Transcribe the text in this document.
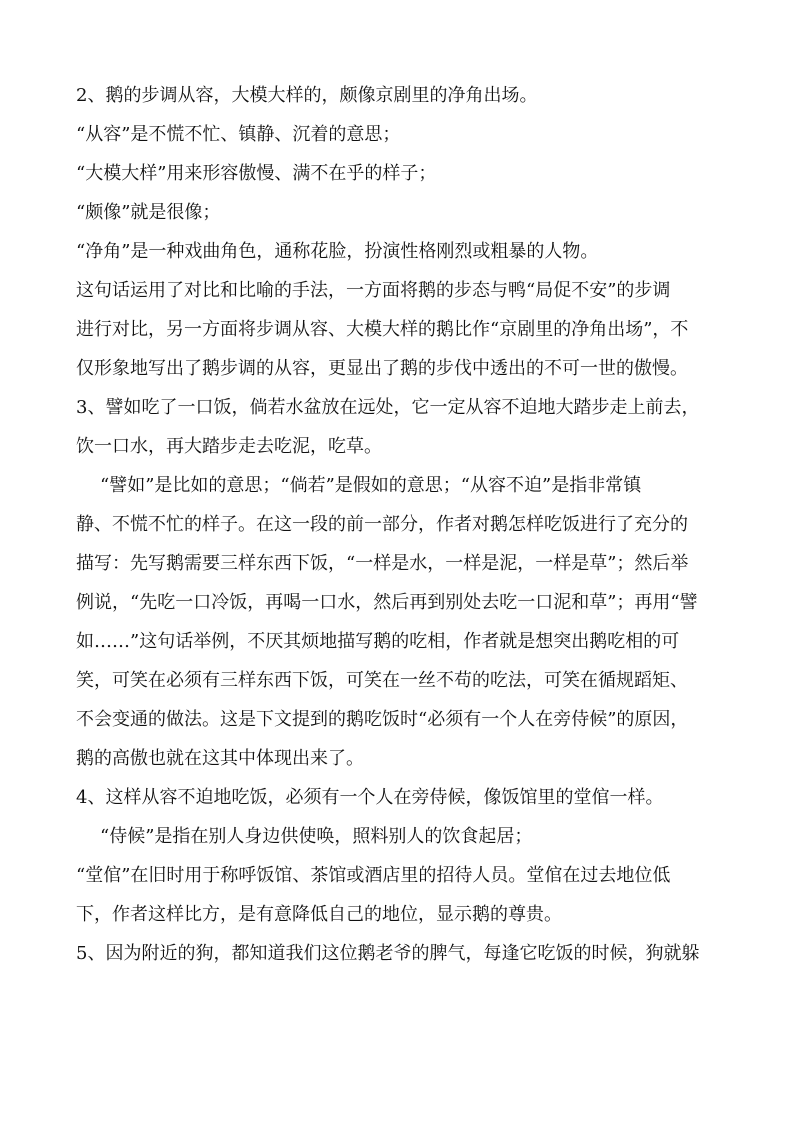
2、鹅的步调从容，大模大样的，颇像京剧里的净角出场。
“从容”是不慌不忙、镇静、沉着的意思；
“大模大样”用来形容傲慢、满不在乎的样子；
“颇像”就是很像；
“净角”是一种戏曲角色，通称花脸，扮演性格刚烈或粗暴的人物。
这句话运用了对比和比喻的手法，一方面将鹅的步态与鸭“局促不安”的步调
进行对比，另一方面将步调从容、大模大样的鹅比作“京剧里的净角出场”，不
仅形象地写出了鹅步调的从容，更显出了鹅的步伐中透出的不可一世的傲慢。
3、譬如吃了一口饭，倘若水盆放在远处，它一定从容不迫地大踏步走上前去，
饮一口水，再大踏步走去吃泥，吃草。
“譬如”是比如的意思；“倘若”是假如的意思；“从容不迫”是指非常镇
静、不慌不忙的样子。在这一段的前一部分，作者对鹅怎样吃饭进行了充分的
描写：先写鹅需要三样东西下饭，“一样是水，一样是泥，一样是草”；然后举
例说，“先吃一口冷饭，再喝一口水，然后再到别处去吃一口泥和草”；再用“譬
如……”这句话举例，不厌其烦地描写鹅的吃相，作者就是想突出鹅吃相的可
笑，可笑在必须有三样东西下饭，可笑在一丝不苟的吃法，可笑在循规蹈矩、
不会变通的做法。这是下文提到的鹅吃饭时“必须有一个人在旁侍候”的原因，
鹅的高傲也就在这其中体现出来了。
4、这样从容不迫地吃饭，必须有一个人在旁侍候，像饭馆里的堂倌一样。
“侍候”是指在别人身边供使唤，照料别人的饮食起居；
“堂倌”在旧时用于称呼饭馆、茶馆或酒店里的招待人员。堂倌在过去地位低
下，作者这样比方，是有意降低自己的地位，显示鹅的尊贵。
5、因为附近的狗，都知道我们这位鹅老爷的脾气，每逢它吃饭的时候，狗就躲
